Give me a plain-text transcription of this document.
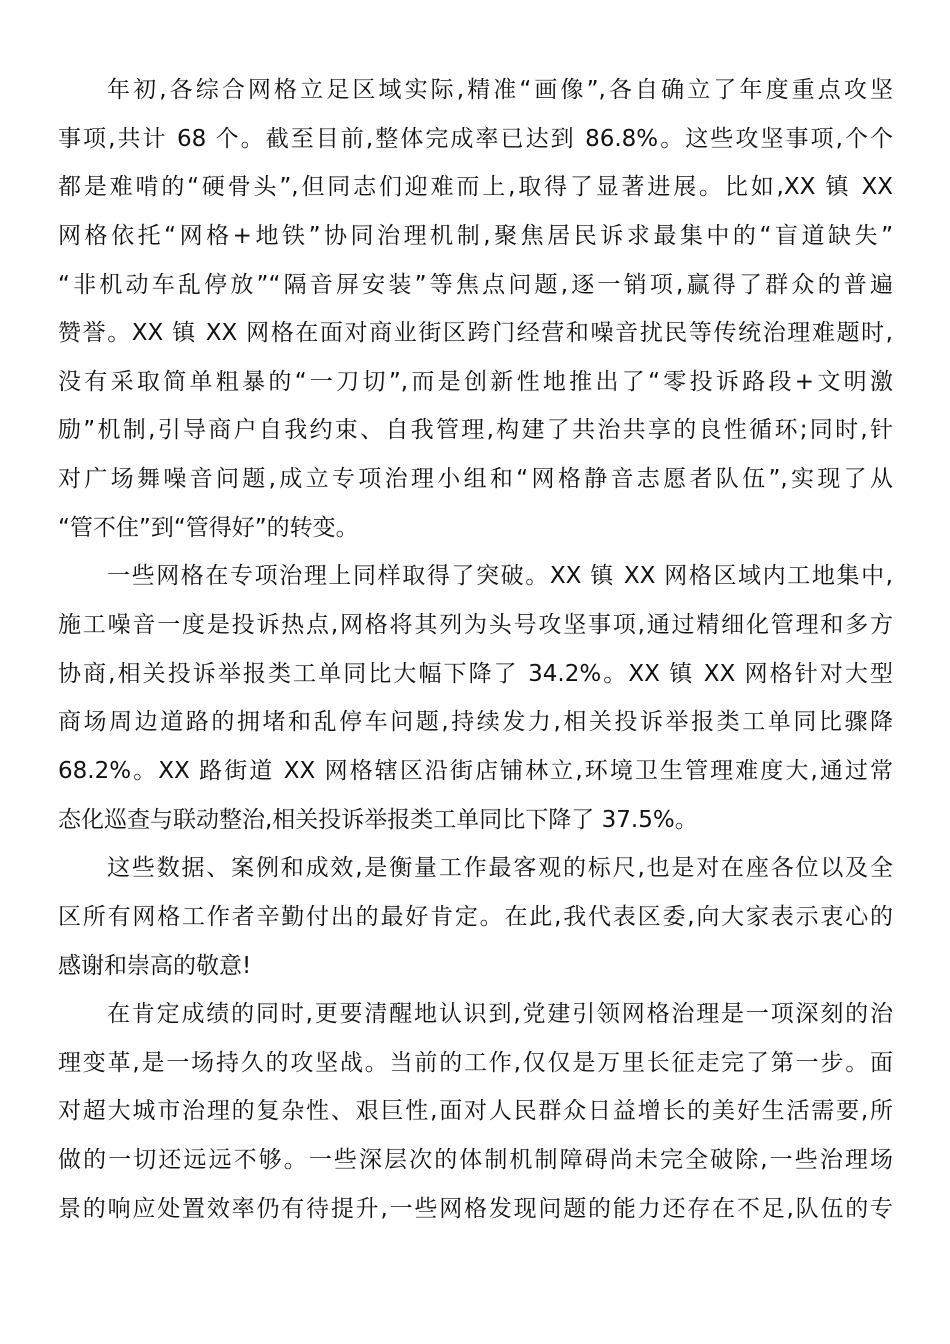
年初,各综合网格立足区域实际,精准“画像”,各自确立了年度重点攻坚
事项,共计 68 个。截至目前,整体完成率已达到 86.8%。这些攻坚事项,个个
都是难啃的“硬骨头”,但同志们迎难而上,取得了显著进展。比如,XX 镇 XX
网格依托“网格+地铁”协同治理机制,聚焦居民诉求最集中的“盲道缺失”
“非机动车乱停放”“隔音屏安装”等焦点问题,逐一销项,赢得了群众的普遍
赞誉。XX 镇 XX 网格在面对商业街区跨门经营和噪音扰民等传统治理难题时,
没有采取简单粗暴的“一刀切”,而是创新性地推出了“零投诉路段+文明激
励”机制,引导商户自我约束、自我管理,构建了共治共享的良性循环;同时,针
对广场舞噪音问题,成立专项治理小组和“网格静音志愿者队伍”,实现了从
“管不住”到“管得好”的转变。
一些网格在专项治理上同样取得了突破。XX 镇 XX 网格区域内工地集中,
施工噪音一度是投诉热点,网格将其列为头号攻坚事项,通过精细化管理和多方
协商,相关投诉举报类工单同比大幅下降了 34.2%。XX 镇 XX 网格针对大型
商场周边道路的拥堵和乱停车问题,持续发力,相关投诉举报类工单同比骤降
68.2%。XX 路街道 XX 网格辖区沿街店铺林立,环境卫生管理难度大,通过常
态化巡查与联动整治,相关投诉举报类工单同比下降了 37.5%。
这些数据、案例和成效,是衡量工作最客观的标尺,也是对在座各位以及全
区所有网格工作者辛勤付出的最好肯定。在此,我代表区委,向大家表示衷心的
感谢和崇高的敬意!
在肯定成绩的同时,更要清醒地认识到,党建引领网格治理是一项深刻的治
理变革,是一场持久的攻坚战。当前的工作,仅仅是万里长征走完了第一步。面
对超大城市治理的复杂性、艰巨性,面对人民群众日益增长的美好生活需要,所
做的一切还远远不够。一些深层次的体制机制障碍尚未完全破除,一些治理场
景的响应处置效率仍有待提升,一些网格发现问题的能力还存在不足,队伍的专
